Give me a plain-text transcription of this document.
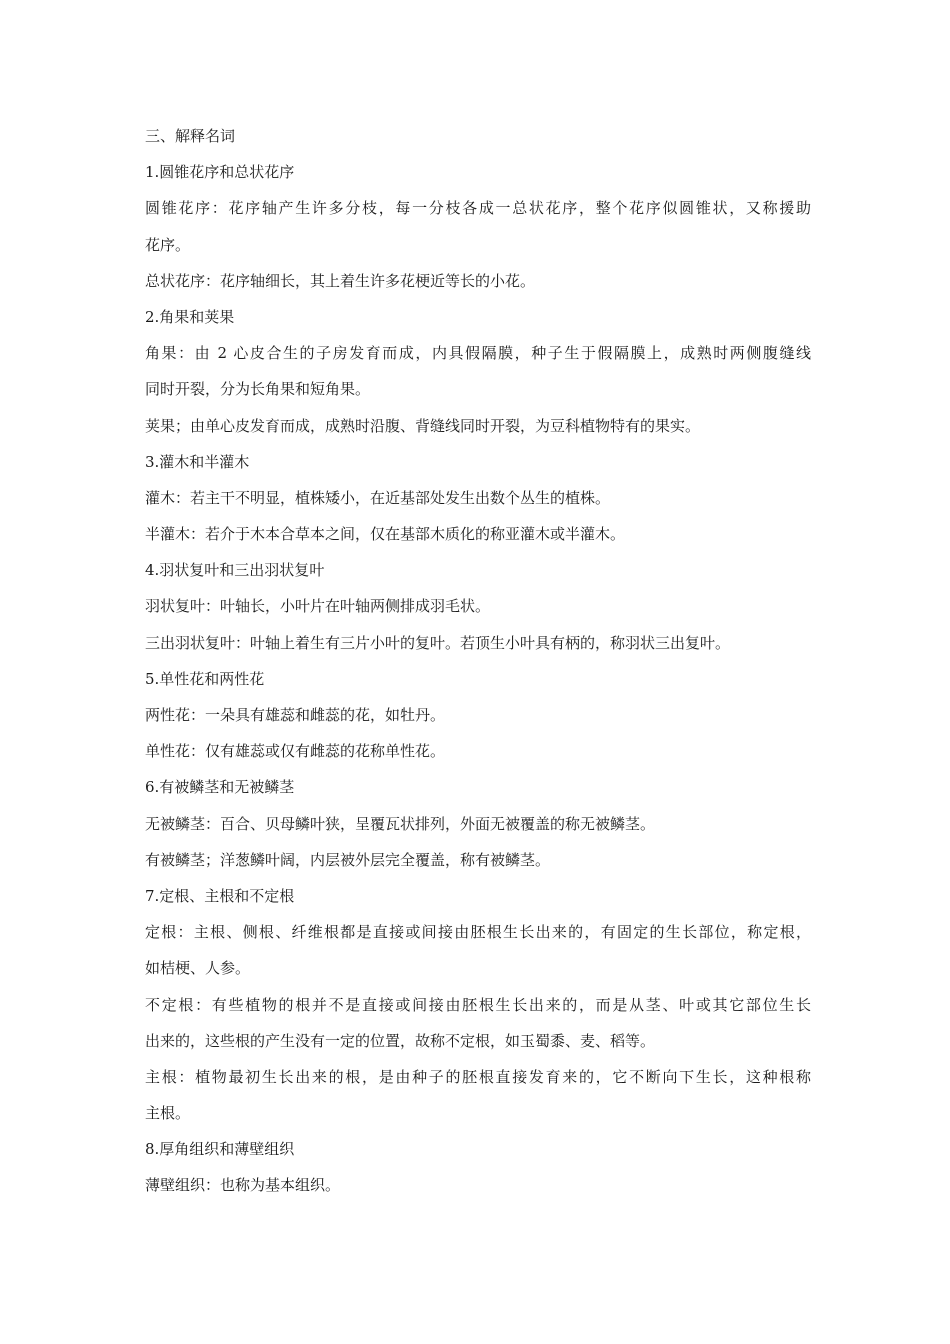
三、解释名词
1.圆锥花序和总状花序
圆锥花序：花序轴产生许多分枝，每一分枝各成一总状花序，整个花序似圆锥状，又称援助
花序。
总状花序：花序轴细长，其上着生许多花梗近等长的小花。
2.角果和荚果
角果：由 2 心皮合生的子房发育而成，内具假隔膜，种子生于假隔膜上，成熟时两侧腹缝线
同时开裂，分为长角果和短角果。
荚果；由单心皮发育而成，成熟时沿腹、背缝线同时开裂，为豆科植物特有的果实。
3.灌木和半灌木
灌木：若主干不明显，植株矮小，在近基部处发生出数个丛生的植株。
半灌木：若介于木本合草本之间，仅在基部木质化的称亚灌木或半灌木。
4.羽状复叶和三出羽状复叶
羽状复叶：叶轴长，小叶片在叶轴两侧排成羽毛状。
三出羽状复叶：叶轴上着生有三片小叶的复叶。若顶生小叶具有柄的，称羽状三出复叶。
5.单性花和两性花
两性花：一朵具有雄蕊和雌蕊的花，如牡丹。
单性花：仅有雄蕊或仅有雌蕊的花称单性花。
6.有被鳞茎和无被鳞茎
无被鳞茎：百合、贝母鳞叶狭，呈覆瓦状排列，外面无被覆盖的称无被鳞茎。
有被鳞茎；洋葱鳞叶阔，内层被外层完全覆盖，称有被鳞茎。
7.定根、主根和不定根
定根：主根、侧根、纤维根都是直接或间接由胚根生长出来的，有固定的生长部位，称定根，
如桔梗、人参。
不定根：有些植物的根并不是直接或间接由胚根生长出来的，而是从茎、叶或其它部位生长
出来的，这些根的产生没有一定的位置，故称不定根，如玉蜀黍、麦、稻等。
主根：植物最初生长出来的根，是由种子的胚根直接发育来的，它不断向下生长，这种根称
主根。
8.厚角组织和薄壁组织
薄壁组织：也称为基本组织。
